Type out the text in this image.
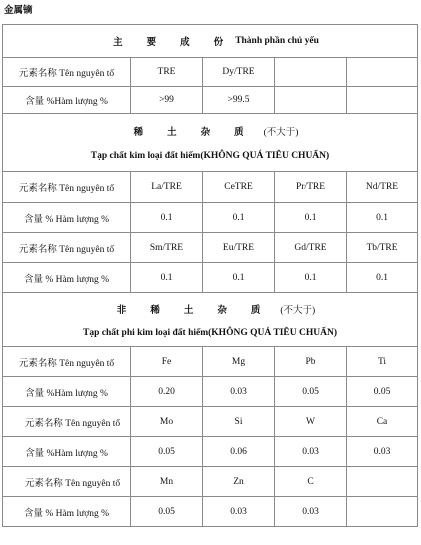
金属镝
主 要 成 份 Thành phần chủ yếu				

元素名称 Tên nguyên tố	TRE	Dy/TRE		
含量 %Hàm lượng %	>99	>99.5		

稀 土 杂 质 (不大于)
Tạp chất kim loại đất hiếm(KHÔNG QUÁ TIÊU CHUẨN)				

元素名称 Tên nguyên tố	La/TRE	CeTRE	Pr/TRE	Nd/TRE
含量 % Hàm lượng %	0.1	0.1	0.1	0.1
元素名称 Tên nguyên tố	Sm/TRE	Eu/TRE	Gd/TRE	Tb/TRE
含量 % Hàm lượng %	0.1	0.1	0.1	0.1

非 稀 土 杂 质 (不大于)
Tạp chất phi kim loại đất hiếm(KHÔNG QUÁ TIÊU CHUẨN)				

元素名称 Tên nguyên tố	Fe	Mg	Pb	Ti
含量 %Hàm lượng %	0.20	0.03	0.05	0.05
元素名称 Tên nguyên tố	Mo	Si	W	Ca
含量 %Hàm lượng %	0.05	0.06	0.03	0.03
元素名称 Tên nguyên tố	Mn	Zn	C	
含量 % Hàm lượng %	0.05	0.03	0.03	
